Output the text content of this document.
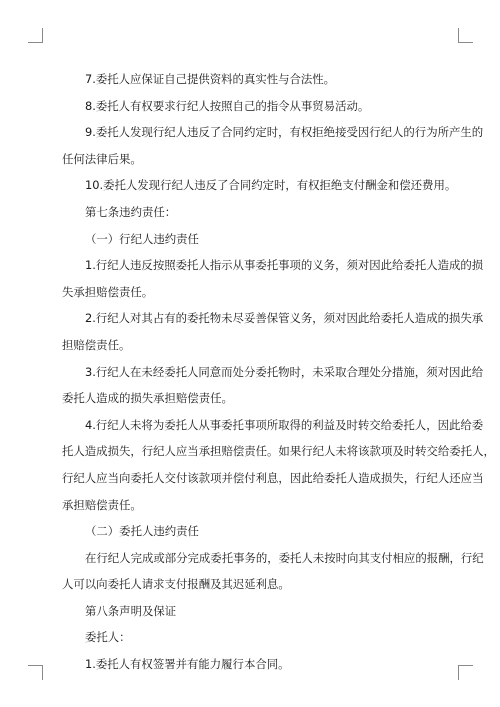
7.委托人应保证自己提供资料的真实性与合法性。

8.委托人有权要求行纪人按照自己的指令从事贸易活动。

9.委托人发现行纪人违反了合同约定时，有权拒绝接受因行纪人的行为所产生的

任何法律后果。

10.委托人发现行纪人违反了合同约定时，有权拒绝支付酬金和偿还费用。

第七条违约责任：

（一）行纪人违约责任

1.行纪人违反按照委托人指示从事委托事项的义务，须对因此给委托人造成的损

失承担赔偿责任。

2.行纪人对其占有的委托物未尽妥善保管义务，须对因此给委托人造成的损失承

担赔偿责任。

3.行纪人在未经委托人同意而处分委托物时，未采取合理处分措施，须对因此给

委托人造成的损失承担赔偿责任。

4.行纪人未将为委托人从事委托事项所取得的利益及时转交给委托人，因此给委

托人造成损失，行纪人应当承担赔偿责任。如果行纪人未将该款项及时转交给委托人，

行纪人应当向委托人交付该款项并偿付利息，因此给委托人造成损失，行纪人还应当

承担赔偿责任。

（二）委托人违约责任

在行纪人完成或部分完成委托事务的，委托人未按时向其支付相应的报酬，行纪

人可以向委托人请求支付报酬及其迟延利息。

第八条声明及保证

委托人：

1.委托人有权签署并有能力履行本合同。
